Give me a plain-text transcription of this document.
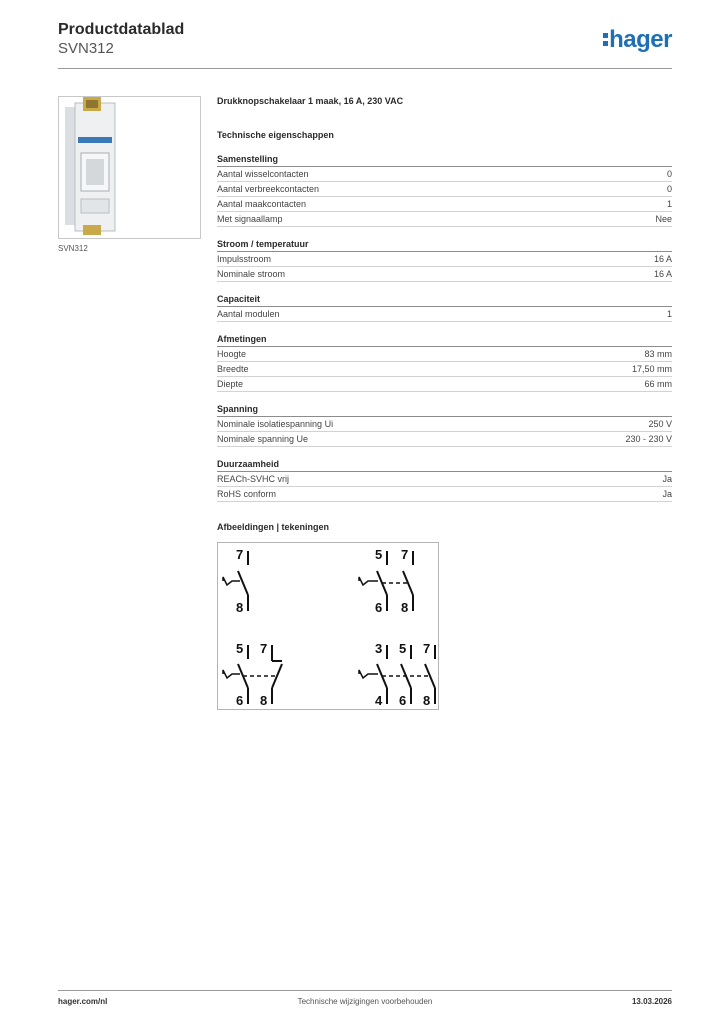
Productdatablad
SVN312	hager
SVN312
Drukknopschakelaar 1 maak, 16 A, 230 VAC
Technische eigenschappen
Samenstelling
Aantal wisselcontacten	0
Aantal verbreekcontacten	0
Aantal maakcontacten	1
Met signaallamp	Nee
Stroom / temperatuur
Impulsstroom	16 A
Nominale stroom	16 A
Capaciteit
Aantal modulen	1
Afmetingen
Hoogte	83 mm
Breedte	17,50 mm
Diepte	66 mm
Spanning
Nominale isolatiespanning Ui	250 V
Nominale spanning Ue	230 - 230 V
Duurzaamheid
REACh-SVHC vrij	Ja
RoHS conform	Ja
Afbeeldingen | tekeningen
7
8
5 7
6 8
5 7
6 8
3 5 7
4 6 8
hager.com/nl	Technische wijzigingen voorbehouden	13.03.2026
